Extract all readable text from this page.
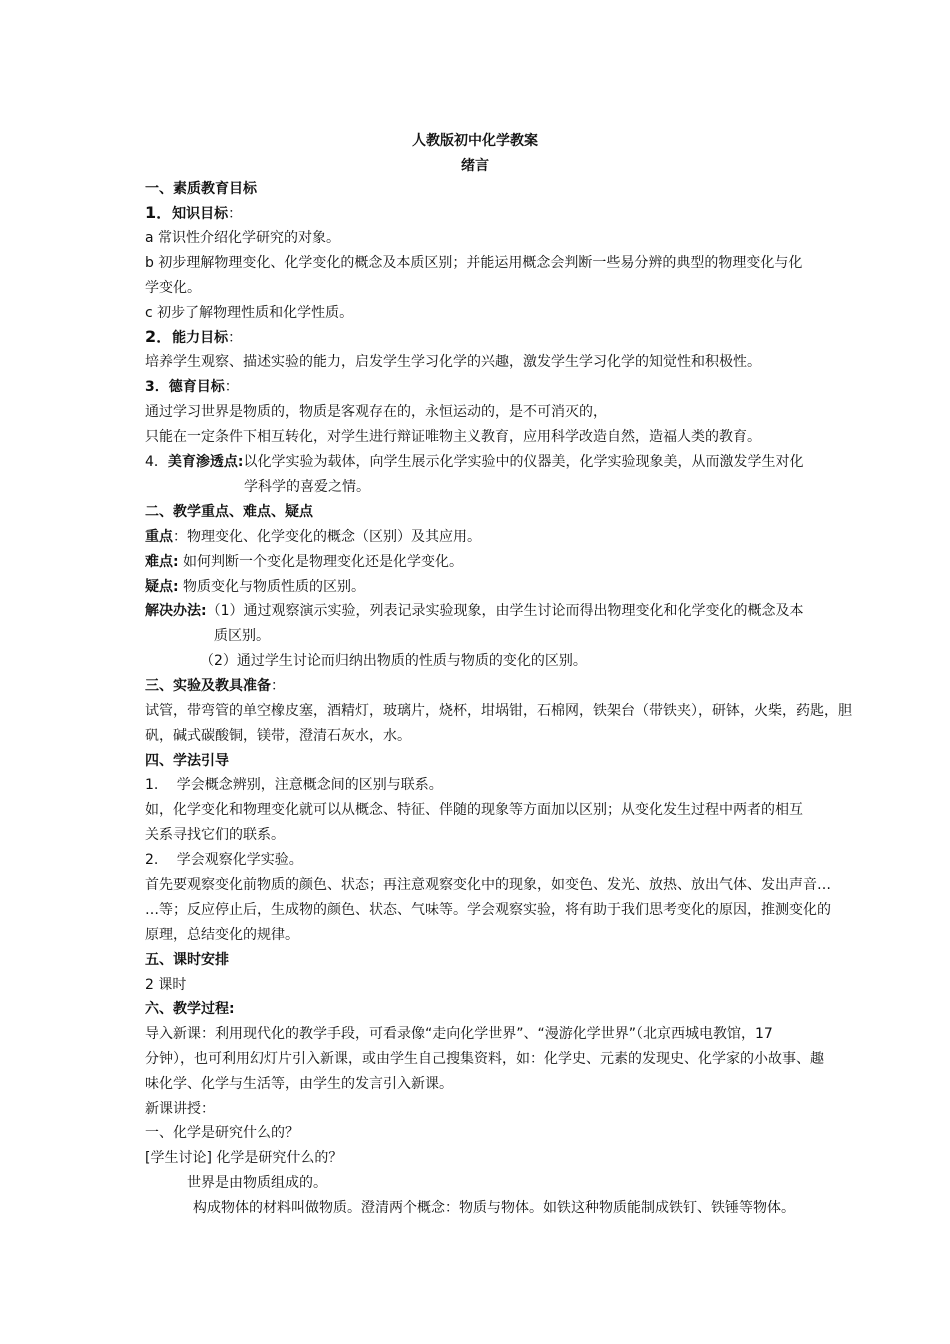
人教版初中化学教案
绪言
一、素质教育目标
1．知识目标：
a 常识性介绍化学研究的对象。
b 初步理解物理变化、化学变化的概念及本质区别；并能运用概念会判断一些易分辨的典型的物理变化与化
学变化。
c 初步了解物理性质和化学性质。
2．能力目标：
培养学生观察、描述实验的能力，启发学生学习化学的兴趣，激发学生学习化学的知觉性和积极性。
3．德育目标：
通过学习世界是物质的，物质是客观存在的，永恒运动的，是不可消灭的，
只能在一定条件下相互转化，对学生进行辩证唯物主义教育，应用科学改造自然，造福人类的教育。
4．美育渗透点:以化学实验为载体，向学生展示化学实验中的仪器美，化学实验现象美，从而激发学生对化
学科学的喜爱之情。
二、教学重点、难点、疑点
重点：物理变化、化学变化的概念（区别）及其应用。
难点: 如何判断一个变化是物理变化还是化学变化。
疑点: 物质变化与物质性质的区别。
解决办法:（1）通过观察演示实验，列表记录实验现象，由学生讨论而得出物理变化和化学变化的概念及本
质区别。
（2）通过学生讨论而归纳出物质的性质与物质的变化的区别。
三、实验及教具准备：
试管，带弯管的单空橡皮塞，酒精灯，玻璃片，烧杯，坩埚钳，石棉网，铁架台（带铁夹），研钵，火柴，药匙，胆
矾，碱式碳酸铜，镁带，澄清石灰水，水。
四、学法引导
1.　 学会概念辨别，注意概念间的区别与联系。
如，化学变化和物理变化就可以从概念、特征、伴随的现象等方面加以区别；从变化发生过程中两者的相互
关系寻找它们的联系。
2.　 学会观察化学实验。
首先要观察变化前物质的颜色、状态；再注意观察变化中的现象，如变色、发光、放热、放出气体、发出声音…
…等；反应停止后，生成物的颜色、状态、气味等。学会观察实验，将有助于我们思考变化的原因，推测变化的
原理，总结变化的规律。
五、课时安排
2 课时
六、教学过程:
导入新课：利用现代化的教学手段，可看录像“走向化学世界”、“漫游化学世界”（北京西城电教馆，17
分钟），也可利用幻灯片引入新课，或由学生自己搜集资料，如：化学史、元素的发现史、化学家的小故事、趣
味化学、化学与生活等，由学生的发言引入新课。
新课讲授：
一、化学是研究什么的？
[学生讨论] 化学是研究什么的？
世界是由物质组成的。
构成物体的材料叫做物质。澄清两个概念：物质与物体。如铁这种物质能制成铁钉、铁锤等物体。
